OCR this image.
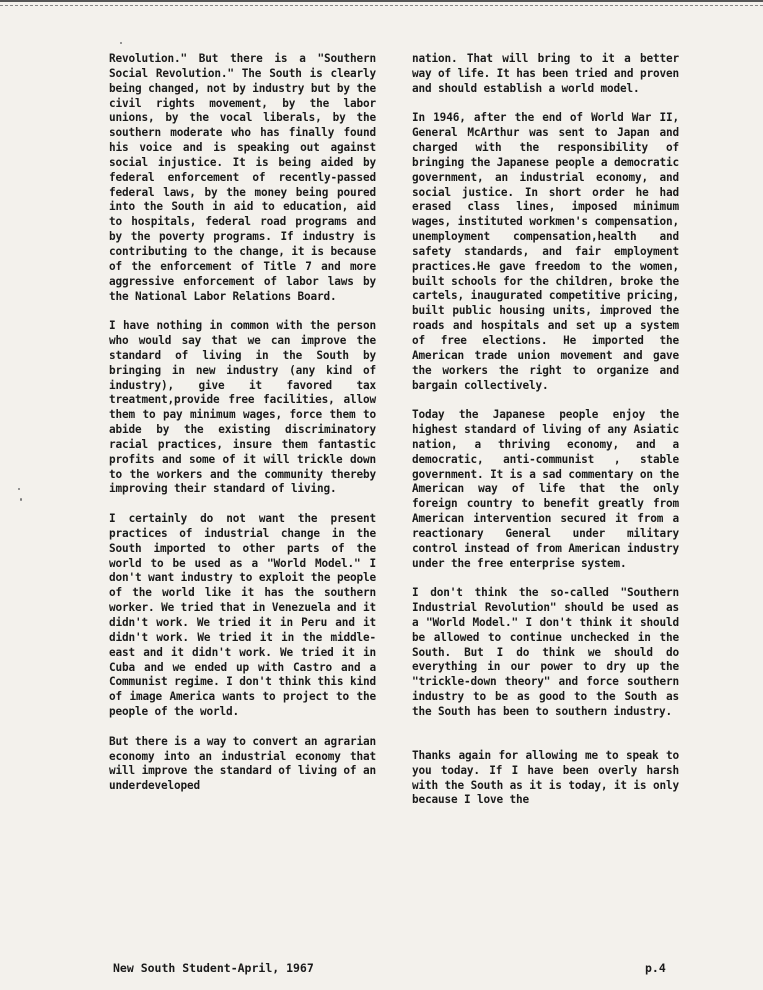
Revolution." But there is a "Southern Social Revolution." The South is clearly being changed, not by industry but by the civil rights movement, by the labor unions, by the vocal liberals, by the southern moderate who has finally found his voice and is speaking out against social injustice. It is being aided by federal enforcement of recently-passed federal laws, by the money being poured into the South in aid to education, aid to hospitals, federal road programs and by the poverty programs. If industry is contributing to the change, it is because of the enforcement of Title 7 and more aggressive enforcement of labor laws by the National Labor Relations Board.

I have nothing in common with the person who would say that we can improve the standard of living in the South by bringing in new industry (any kind of industry), give it favored tax treatment,provide free facilities, allow them to pay minimum wages, force them to abide by the existing discriminatory racial practices, insure them fantastic profits and some of it will trickle down to the workers and the community thereby improving their standard of living.

I certainly do not want the present practices of industrial change in the South imported to other parts of the world to be used as a "World Model." I don't want industry to exploit the people of the world like it has the southern worker. We tried that in Venezuela and it didn't work. We tried it in Peru and it didn't work. We tried it in the middle-east and it didn't work. We tried it in Cuba and we ended up with Castro and a Communist regime. I don't think this kind of image America wants to project to the people of the world.

But there is a way to convert an agrarian economy into an industrial economy that will improve the standard of living of an underdeveloped

nation. That will bring to it a better way of life. It has been tried and proven and should establish a world model.

In 1946, after the end of World War II, General McArthur was sent to Japan and charged with the responsibility of bringing the Japanese people a democratic government, an industrial economy, and social justice. In short order he had erased class lines, imposed minimum wages, instituted workmen's compensation, unemployment compensation,health and safety standards, and fair employment practices.He gave freedom to the women, built schools for the children, broke the cartels, inaugurated competitive pricing, built public housing units, improved the roads and hospitals and set up a system of free elections. He imported the American trade union movement and gave the workers the right to organize and bargain collectively.

Today the Japanese people enjoy the highest standard of living of any Asiatic nation, a thriving economy, and a democratic, anti-communist , stable government. It is a sad commentary on the American way of life that the only foreign country to benefit greatly from American intervention secured it from a reactionary General under military control instead of from American industry under the free enterprise system.

I don't think the so-called "Southern Industrial Revolution" should be used as a "World Model." I don't think it should be allowed to continue unchecked in the South. But I do think we should do everything in our power to dry up the "trickle-down theory" and force southern industry to be as good to the South as the South has been to southern industry.

Thanks again for allowing me to speak to you today. If I have been overly harsh with the South as it is today, it is only because I love the

New South Student-April, 1967	p.4
